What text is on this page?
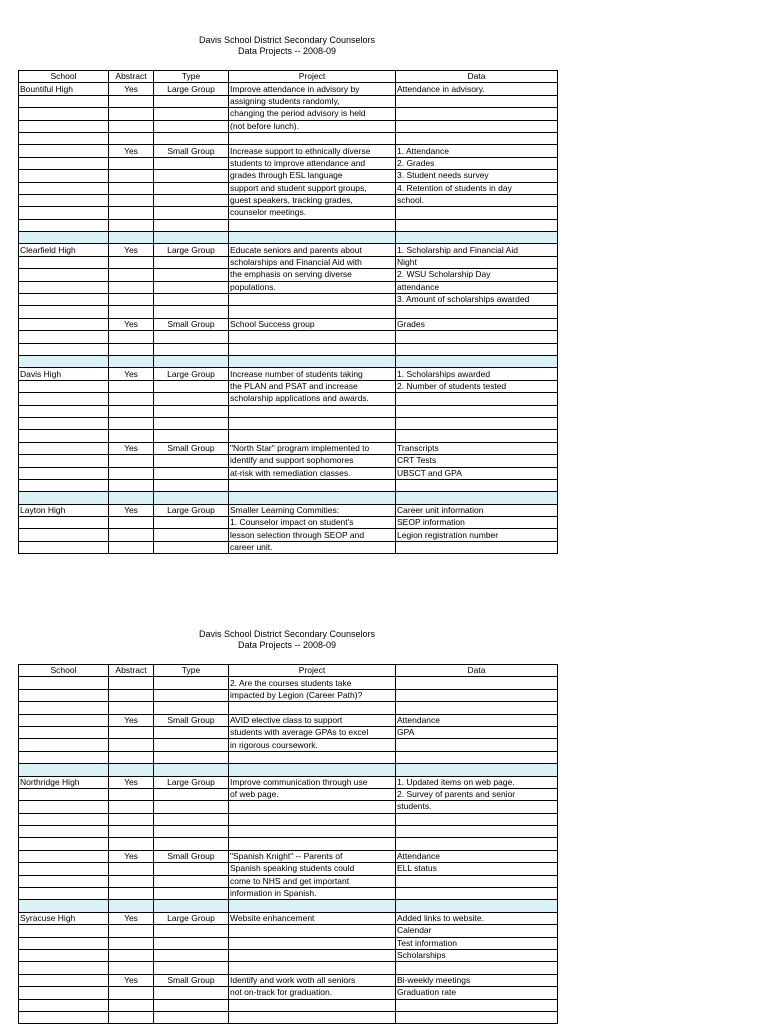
Davis School District Secondary Counselors
Data Projects -- 2008-09
School	Abstract	Type	Project	Data
Bountiful High	Yes	Large Group	Improve attendance in advisory by	Attendance in advisory.
			assigning students randomly,	
			changing the period advisory is held	
			(not before lunch).	

	Yes	Small Group	Increase support to ethnically diverse	1. Attendance
			students to improve attendance and	2. Grades
			grades through ESL language	3. Student needs survey
			support and student support groups,	4. Retention of students in day
			guest speakers, tracking grades,	school.
			counselor meetings.	

Clearfield High	Yes	Large Group	Educate seniors and parents about	1. Scholarship and Financial Aid
			scholarships and Financial Aid with	Night
			the emphasis on serving diverse	2. WSU Scholarship Day
			populations.	attendance
				3. Amount of scholarships awarded

	Yes	Small Group	School Success group	Grades

Davis High	Yes	Large Group	Increase number of students taking	1. Scholarships awarded
			the PLAN and PSAT and increase	2. Number of students tested
			scholarship applications and awards.	

	Yes	Small Group	"North Star" program implemented to	Transcripts
			identify and support sophomores	CRT Tests
			at-risk with remediation classes.	UBSCT and GPA

Layton High	Yes	Large Group	Smaller Learning Commities:	Career unit information
			1. Counselor impact on student's	SEOP information
			lesson selection through SEOP and	Legion registration number
			career unit.	
Davis School District Secondary Counselors
Data Projects -- 2008-09
School	Abstract	Type	Project	Data
			2. Are the courses students take	
			impacted by Legion (Career Path)?	

	Yes	Small Group	AVID elective class to support	Attendance
			students with average GPAs to excel	GPA
			in rigorous coursework.	

Northridge High	Yes	Large Group	Improve communication through use	1. Updated items on web page.
			of web page.	2. Survey of parents and senior
				students.

	Yes	Small Group	"Spanish Knight" -- Parents of	Attendance
			Spanish speaking students could	ELL status
			come to NHS and get important	
			information in Spanish.	

Syracuse High	Yes	Large Group	Website enhancement	Added links to website.
				Calendar
				Test information
				Scholarships

	Yes	Small Group	Identify and work woth all seniors	Bi-weekly meetings
			not on-track for graduation.	Graduation rate
